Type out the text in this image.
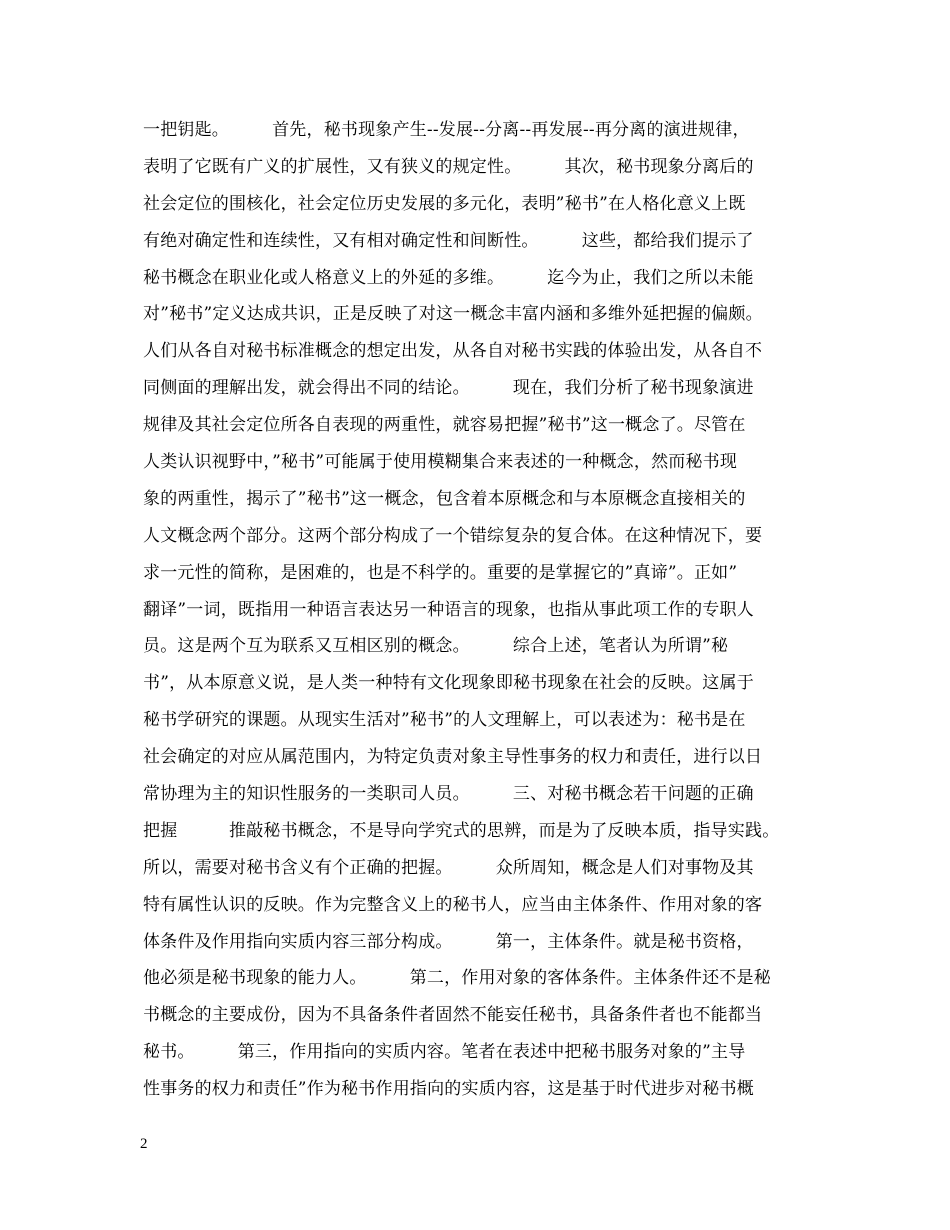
一把钥匙。　　　首先，秘书现象产生--发展--分离--再发展--再分离的演进规律，
表明了它既有广义的扩展性，又有狭义的规定性。　　　其次，秘书现象分离后的
社会定位的围核化，社会定位历史发展的多元化，表明”秘书”在人格化意义上既
有绝对确定性和连续性，又有相对确定性和间断性。　　　这些，都给我们提示了
秘书概念在职业化或人格意义上的外延的多维。　　　迄今为止，我们之所以未能
对”秘书”定义达成共识，正是反映了对这一概念丰富内涵和多维外延把握的偏颇。
人们从各自对秘书标准概念的想定出发，从各自对秘书实践的体验出发，从各自不
同侧面的理解出发，就会得出不同的结论。　　　现在，我们分析了秘书现象演进
规律及其社会定位所各自表现的两重性，就容易把握”秘书”这一概念了。尽管在
人类认识视野中，”秘书”可能属于使用模糊集合来表述的一种概念，然而秘书现
象的两重性，揭示了”秘书”这一概念，包含着本原概念和与本原概念直接相关的
人文概念两个部分。这两个部分构成了一个错综复杂的复合体。在这种情况下，要
求一元性的简称，是困难的，也是不科学的。重要的是掌握它的”真谛”。正如”
翻译”一词，既指用一种语言表达另一种语言的现象，也指从事此项工作的专职人
员。这是两个互为联系又互相区别的概念。　　　综合上述，笔者认为所谓”秘
书”，从本原意义说，是人类一种特有文化现象即秘书现象在社会的反映。这属于
秘书学研究的课题。从现实生活对”秘书”的人文理解上，可以表述为：秘书是在
社会确定的对应从属范围内，为特定负责对象主导性事务的权力和责任，进行以日
常协理为主的知识性服务的一类职司人员。　　　三、对秘书概念若干问题的正确
把握　　　推敲秘书概念，不是导向学究式的思辨，而是为了反映本质，指导实践。
所以，需要对秘书含义有个正确的把握。　　　众所周知，概念是人们对事物及其
特有属性认识的反映。作为完整含义上的秘书人，应当由主体条件、作用对象的客
体条件及作用指向实质内容三部分构成。　　　第一，主体条件。就是秘书资格，
他必须是秘书现象的能力人。　　　第二，作用对象的客体条件。主体条件还不是秘
书概念的主要成份，因为不具备条件者固然不能妄任秘书，具备条件者也不能都当
秘书。　　　第三，作用指向的实质内容。笔者在表述中把秘书服务对象的”主导
性事务的权力和责任”作为秘书作用指向的实质内容，这是基于时代进步对秘书概
2
